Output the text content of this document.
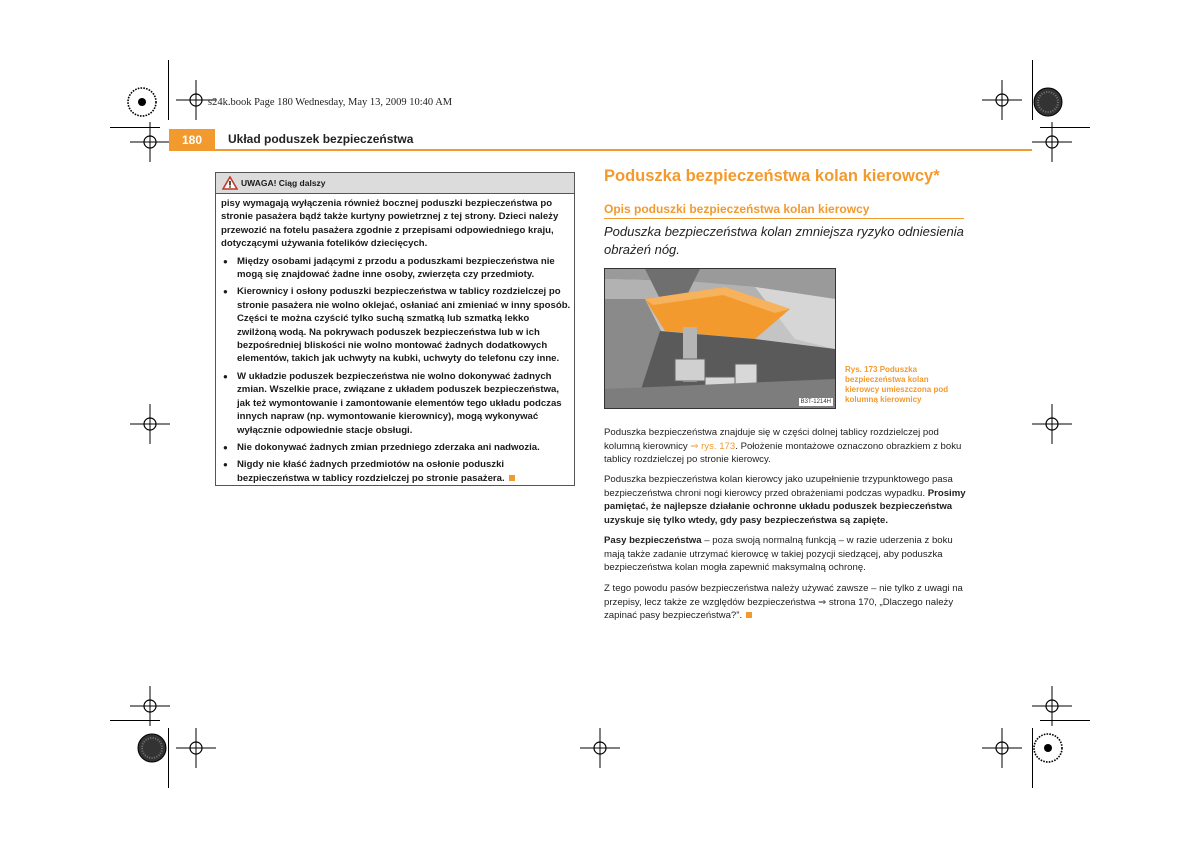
s24k.book Page 180 Wednesday, May 13, 2009 10:40 AM
180	Układ poduszek bezpieczeństwa
UWAGA! Ciąg dalszy

pisy wymagają wyłączenia również bocznej poduszki bezpieczeństwa po stronie pasażera bądź także kurtyny powietrznej z tej strony. Dzieci należy przewozić na fotelu pasażera zgodnie z przepisami odpowiedniego kraju, dotyczącymi używania fotelików dziecięcych.

● Między osobami jadącymi z przodu a poduszkami bezpieczeństwa nie mogą się znajdować żadne inne osoby, zwierzęta czy przedmioty.

● Kierownicy i osłony poduszki bezpieczeństwa w tablicy rozdzielczej po stronie pasażera nie wolno oklejać, osłaniać ani zmieniać w inny sposób. Części te można czyścić tylko suchą szmatką lub szmatką lekko zwilżoną wodą. Na pokrywach poduszek bezpieczeństwa lub w ich bezpośredniej bliskości nie wolno montować żadnych dodatkowych elementów, takich jak uchwyty na kubki, uchwyty do telefonu czy inne.

● W układzie poduszek bezpieczeństwa nie wolno dokonywać żadnych zmian. Wszelkie prace, związane z układem poduszek bezpieczeństwa, jak też wymontowanie i zamontowanie elementów tego układu podczas innych napraw (np. wymontowanie kierownicy), mogą wykonywać wyłącznie odpowiednie stacje obsługi.

● Nie dokonywać żadnych zmian przedniego zderzaka ani nadwozia.

● Nigdy nie kłaść żadnych przedmiotów na osłonie poduszki bezpieczeństwa w tablicy rozdzielczej po stronie pasażera.

Poduszka bezpieczeństwa kolan kierowcy*
Opis poduszki bezpieczeństwa kolan kierowcy
Poduszka bezpieczeństwa kolan zmniejsza ryzyko odniesienia obrażeń nóg.
B3T-1214H
Rys. 173 Poduszka bezpieczeństwa kolan kierowcy umieszczona pod kolumną kierownicy

Poduszka bezpieczeństwa znajduje się w części dolnej tablicy rozdzielczej pod kolumną kierownicy ⇒ rys. 173. Położenie montażowe oznaczono obrazkiem z boku tablicy rozdzielczej po stronie kierowcy.

Poduszka bezpieczeństwa kolan kierowcy jako uzupełnienie trzypunktowego pasa bezpieczeństwa chroni nogi kierowcy przed obrażeniami podczas wypadku. Prosimy pamiętać, że najlepsze działanie ochronne układu poduszek bezpieczeństwa uzyskuje się tylko wtedy, gdy pasy bezpieczeństwa są zapięte.

Pasy bezpieczeństwa – poza swoją normalną funkcją – w razie uderzenia z boku mają także zadanie utrzymać kierowcę w takiej pozycji siedzącej, aby poduszka bezpieczeństwa kolan mogła zapewnić maksymalną ochronę.

Z tego powodu pasów bezpieczeństwa należy używać zawsze – nie tylko z uwagi na przepisy, lecz także ze względów bezpieczeństwa ⇒ strona 170, „Dlaczego należy zapinać pasy bezpieczeństwa?”.
